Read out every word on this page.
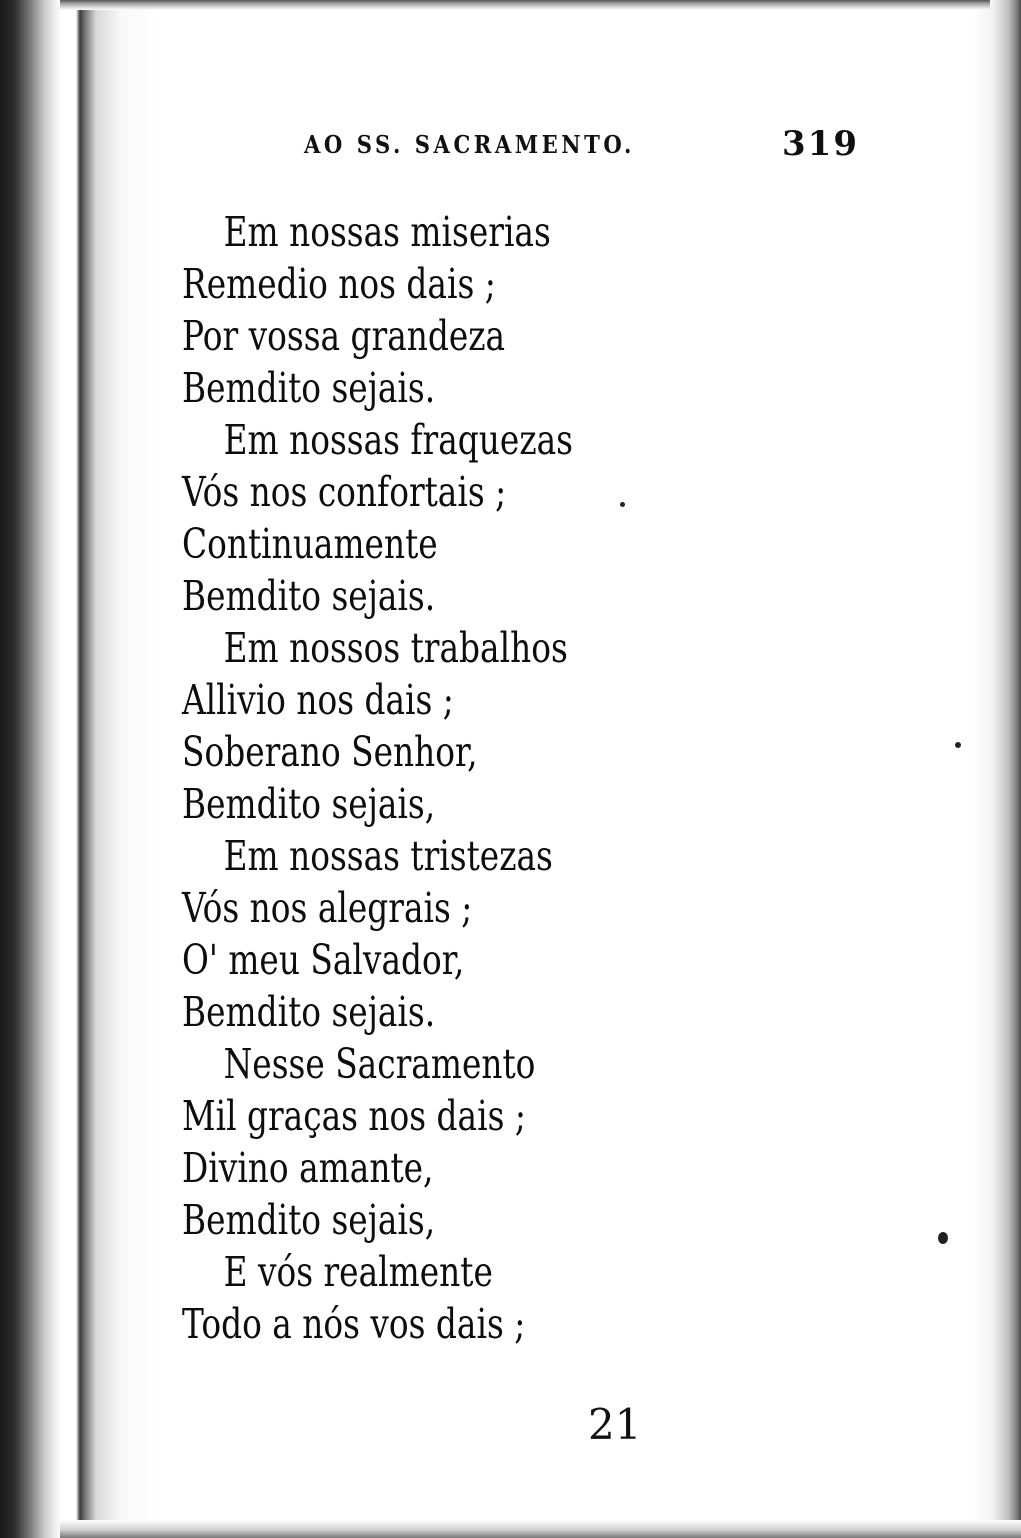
AO SS. SACRAMENTO.	319
Em nossas miserias
Remedio nos dais ;
Por vossa grandeza
Bemdito sejais.
Em nossas fraquezas
Vós nos confortais ;
Continuamente
Bemdito sejais.
Em nossos trabalhos
Allivio nos dais ;
Soberano Senhor,
Bemdito sejais,
Em nossas tristezas
Vós nos alegrais ;
O' meu Salvador,
Bemdito sejais.
Nesse Sacramento
Mil graças nos dais ;
Divino amante,
Bemdito sejais,
E vós realmente
Todo a nós vos dais ;
21
